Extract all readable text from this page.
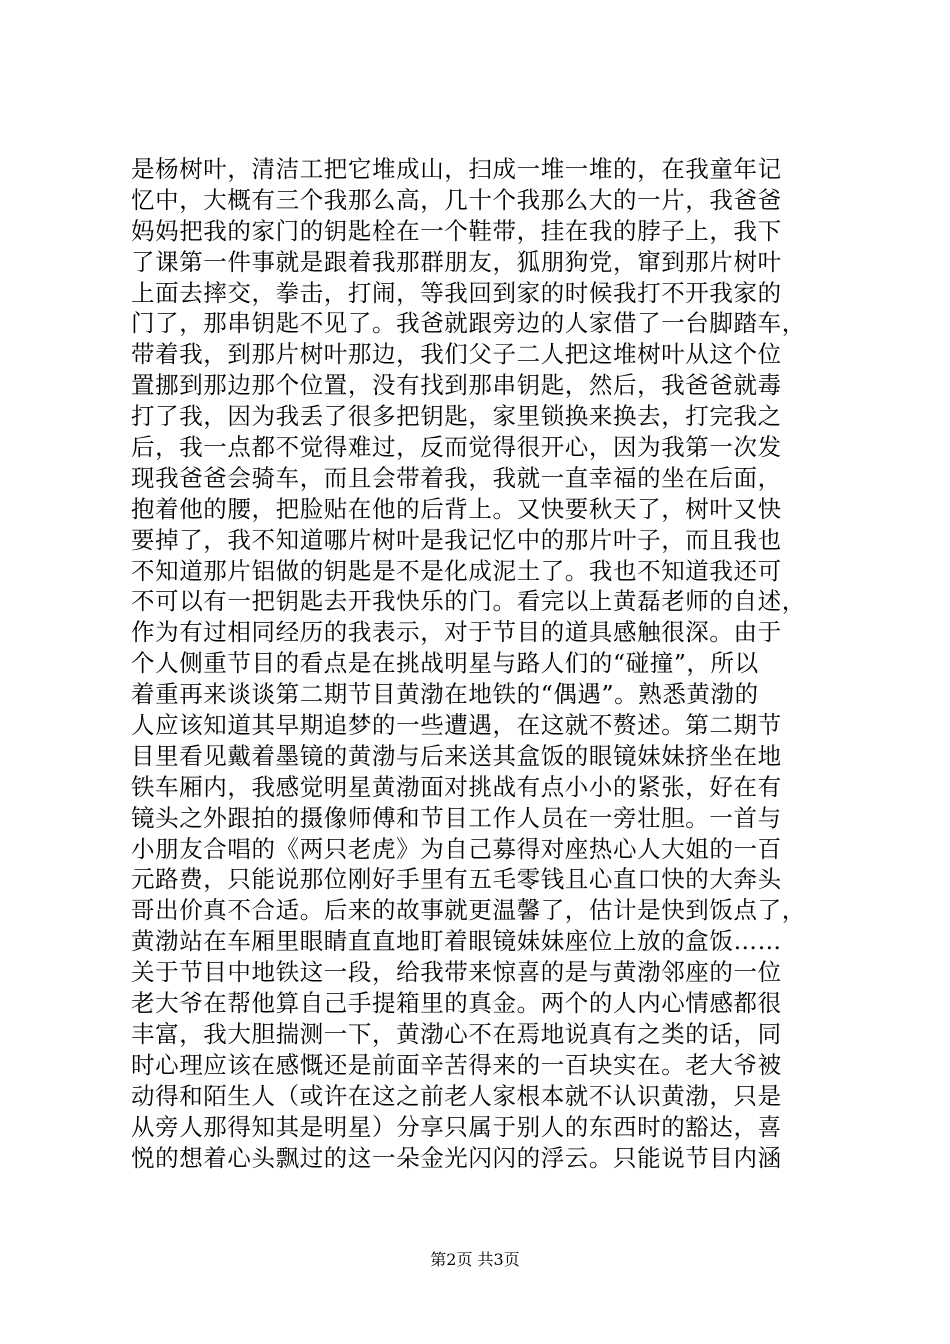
是杨树叶，清洁工把它堆成山，扫成一堆一堆的，在我童年记
忆中，大概有三个我那么高，几十个我那么大的一片，我爸爸
妈妈把我的家门的钥匙栓在一个鞋带，挂在我的脖子上，我下
了课第一件事就是跟着我那群朋友，狐朋狗党，窜到那片树叶
上面去摔交，拳击，打闹，等我回到家的时候我打不开我家的
门了，那串钥匙不见了。我爸就跟旁边的人家借了一台脚踏车，
带着我，到那片树叶那边，我们父子二人把这堆树叶从这个位
置挪到那边那个位置，没有找到那串钥匙，然后，我爸爸就毒
打了我，因为我丢了很多把钥匙，家里锁换来换去，打完我之
后，我一点都不觉得难过，反而觉得很开心，因为我第一次发
现我爸爸会骑车，而且会带着我，我就一直幸福的坐在后面，
抱着他的腰，把脸贴在他的后背上。又快要秋天了，树叶又快
要掉了，我不知道哪片树叶是我记忆中的那片叶子，而且我也
不知道那片铝做的钥匙是不是化成泥土了。我也不知道我还可
不可以有一把钥匙去开我快乐的门。看完以上黄磊老师的自述，
作为有过相同经历的我表示，对于节目的道具感触很深。由于
个人侧重节目的看点是在挑战明星与路人们的“碰撞”，所以
着重再来谈谈第二期节目黄渤在地铁的“偶遇”。熟悉黄渤的
人应该知道其早期追梦的一些遭遇，在这就不赘述。第二期节
目里看见戴着墨镜的黄渤与后来送其盒饭的眼镜妹妹挤坐在地
铁车厢内，我感觉明星黄渤面对挑战有点小小的紧张，好在有
镜头之外跟拍的摄像师傅和节目工作人员在一旁壮胆。一首与
小朋友合唱的《两只老虎》为自己募得对座热心人大姐的一百
元路费，只能说那位刚好手里有五毛零钱且心直口快的大奔头
哥出价真不合适。后来的故事就更温馨了，估计是快到饭点了，
黄渤站在车厢里眼睛直直地盯着眼镜妹妹座位上放的盒饭……
关于节目中地铁这一段，给我带来惊喜的是与黄渤邻座的一位
老大爷在帮他算自己手提箱里的真金。两个的人内心情感都很
丰富，我大胆揣测一下，黄渤心不在焉地说真有之类的话，同
时心理应该在感慨还是前面辛苦得来的一百块实在。老大爷被
动得和陌生人（或许在这之前老人家根本就不认识黄渤，只是
从旁人那得知其是明星）分享只属于别人的东西时的豁达，喜
悦的想着心头飘过的这一朵金光闪闪的浮云。只能说节目内涵
第2页 共3页
